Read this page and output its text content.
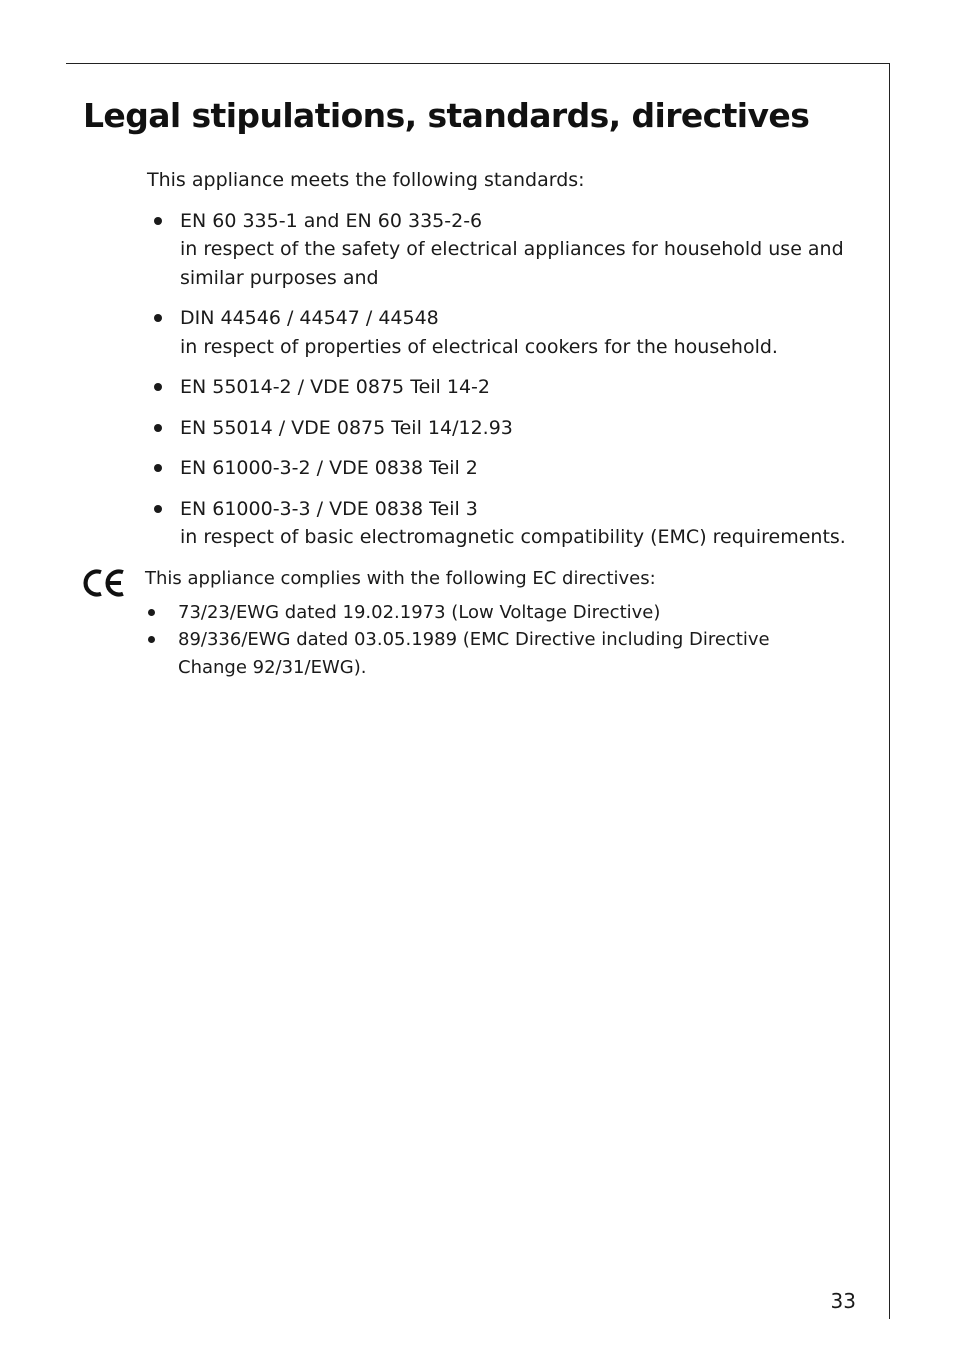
Legal stipulations, standards, directives

This appliance meets the following standards:

EN 60 335-1 and EN 60 335-2-6
in respect of the safety of electrical appliances for household use and similar purposes and
DIN 44546 / 44547 / 44548
in respect of properties of electrical cookers for the household.
EN 55014-2 / VDE 0875 Teil 14-2
EN 55014 / VDE 0875 Teil 14/12.93
EN 61000-3-2 / VDE 0838 Teil 2
EN 61000-3-3 / VDE 0838 Teil 3
in respect of basic electromagnetic compatibility (EMC) requirements.

This appliance complies with the following EC directives:

73/23/EWG dated 19.02.1973 (Low Voltage Directive)
89/336/EWG dated 03.05.1989 (EMC Directive including Directive Change 92/31/EWG).
33
